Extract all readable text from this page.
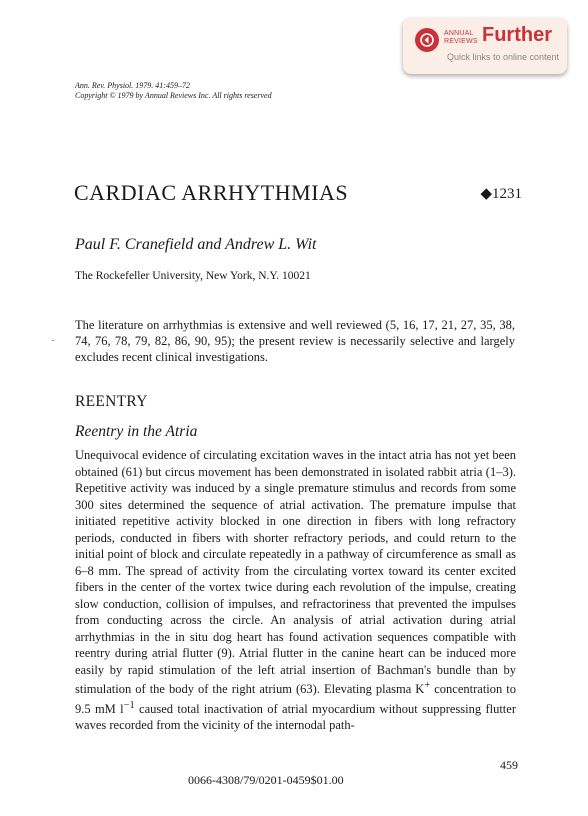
ANNUAL
REVIEWS Further
Quick links to online content
Ann. Rev. Physiol. 1979. 41:459–72
Copyright © 1979 by Annual Reviews Inc. All rights reserved
CARDIAC ARRHYTHMIAS	◆1231
Paul F. Cranefield and Andrew L. Wit
The Rockefeller University, New York, N.Y. 10021

The literature on arrhythmias is extensive and well reviewed (5, 16, 17, 21, 27, 35, 38, 74, 76, 78, 79, 82, 86, 90, 95); the present review is necessarily selective and largely excludes recent clinical investigations.

REENTRY
Reentry in the Atria

Unequivocal evidence of circulating excitation waves in the intact atria has not yet been obtained (61) but circus movement has been demonstrated in isolated rabbit atria (1–3). Repetitive activity was induced by a single premature stimulus and records from some 300 sites determined the sequence of atrial activation. The premature impulse that initiated repetitive activity blocked in one direction in fibers with long refractory periods, conducted in fibers with shorter refractory periods, and could return to the initial point of block and circulate repeatedly in a pathway of circumference as small as 6–8 mm. The spread of activity from the circulating vortex toward its center excited fibers in the center of the vortex twice during each revolution of the impulse, creating slow conduction, collision of impulses, and refractoriness that prevented the impulses from conducting across the circle. An analysis of atrial activation during atrial arrhythmias in the in situ dog heart has found activation sequences compatible with reentry during atrial flutter (9). Atrial flutter in the canine heart can be induced more easily by rapid stimulation of the left atrial insertion of Bachman's bundle than by stimulation of the body of the right atrium (63). Elevating plasma K+ concentration to 9.5 mM $l^{-1}$ caused total inactivation of atrial myocardium without suppressing flutter waves recorded from the vicinity of the internodal path-

459
0066-4308/79/0201-0459$01.00
